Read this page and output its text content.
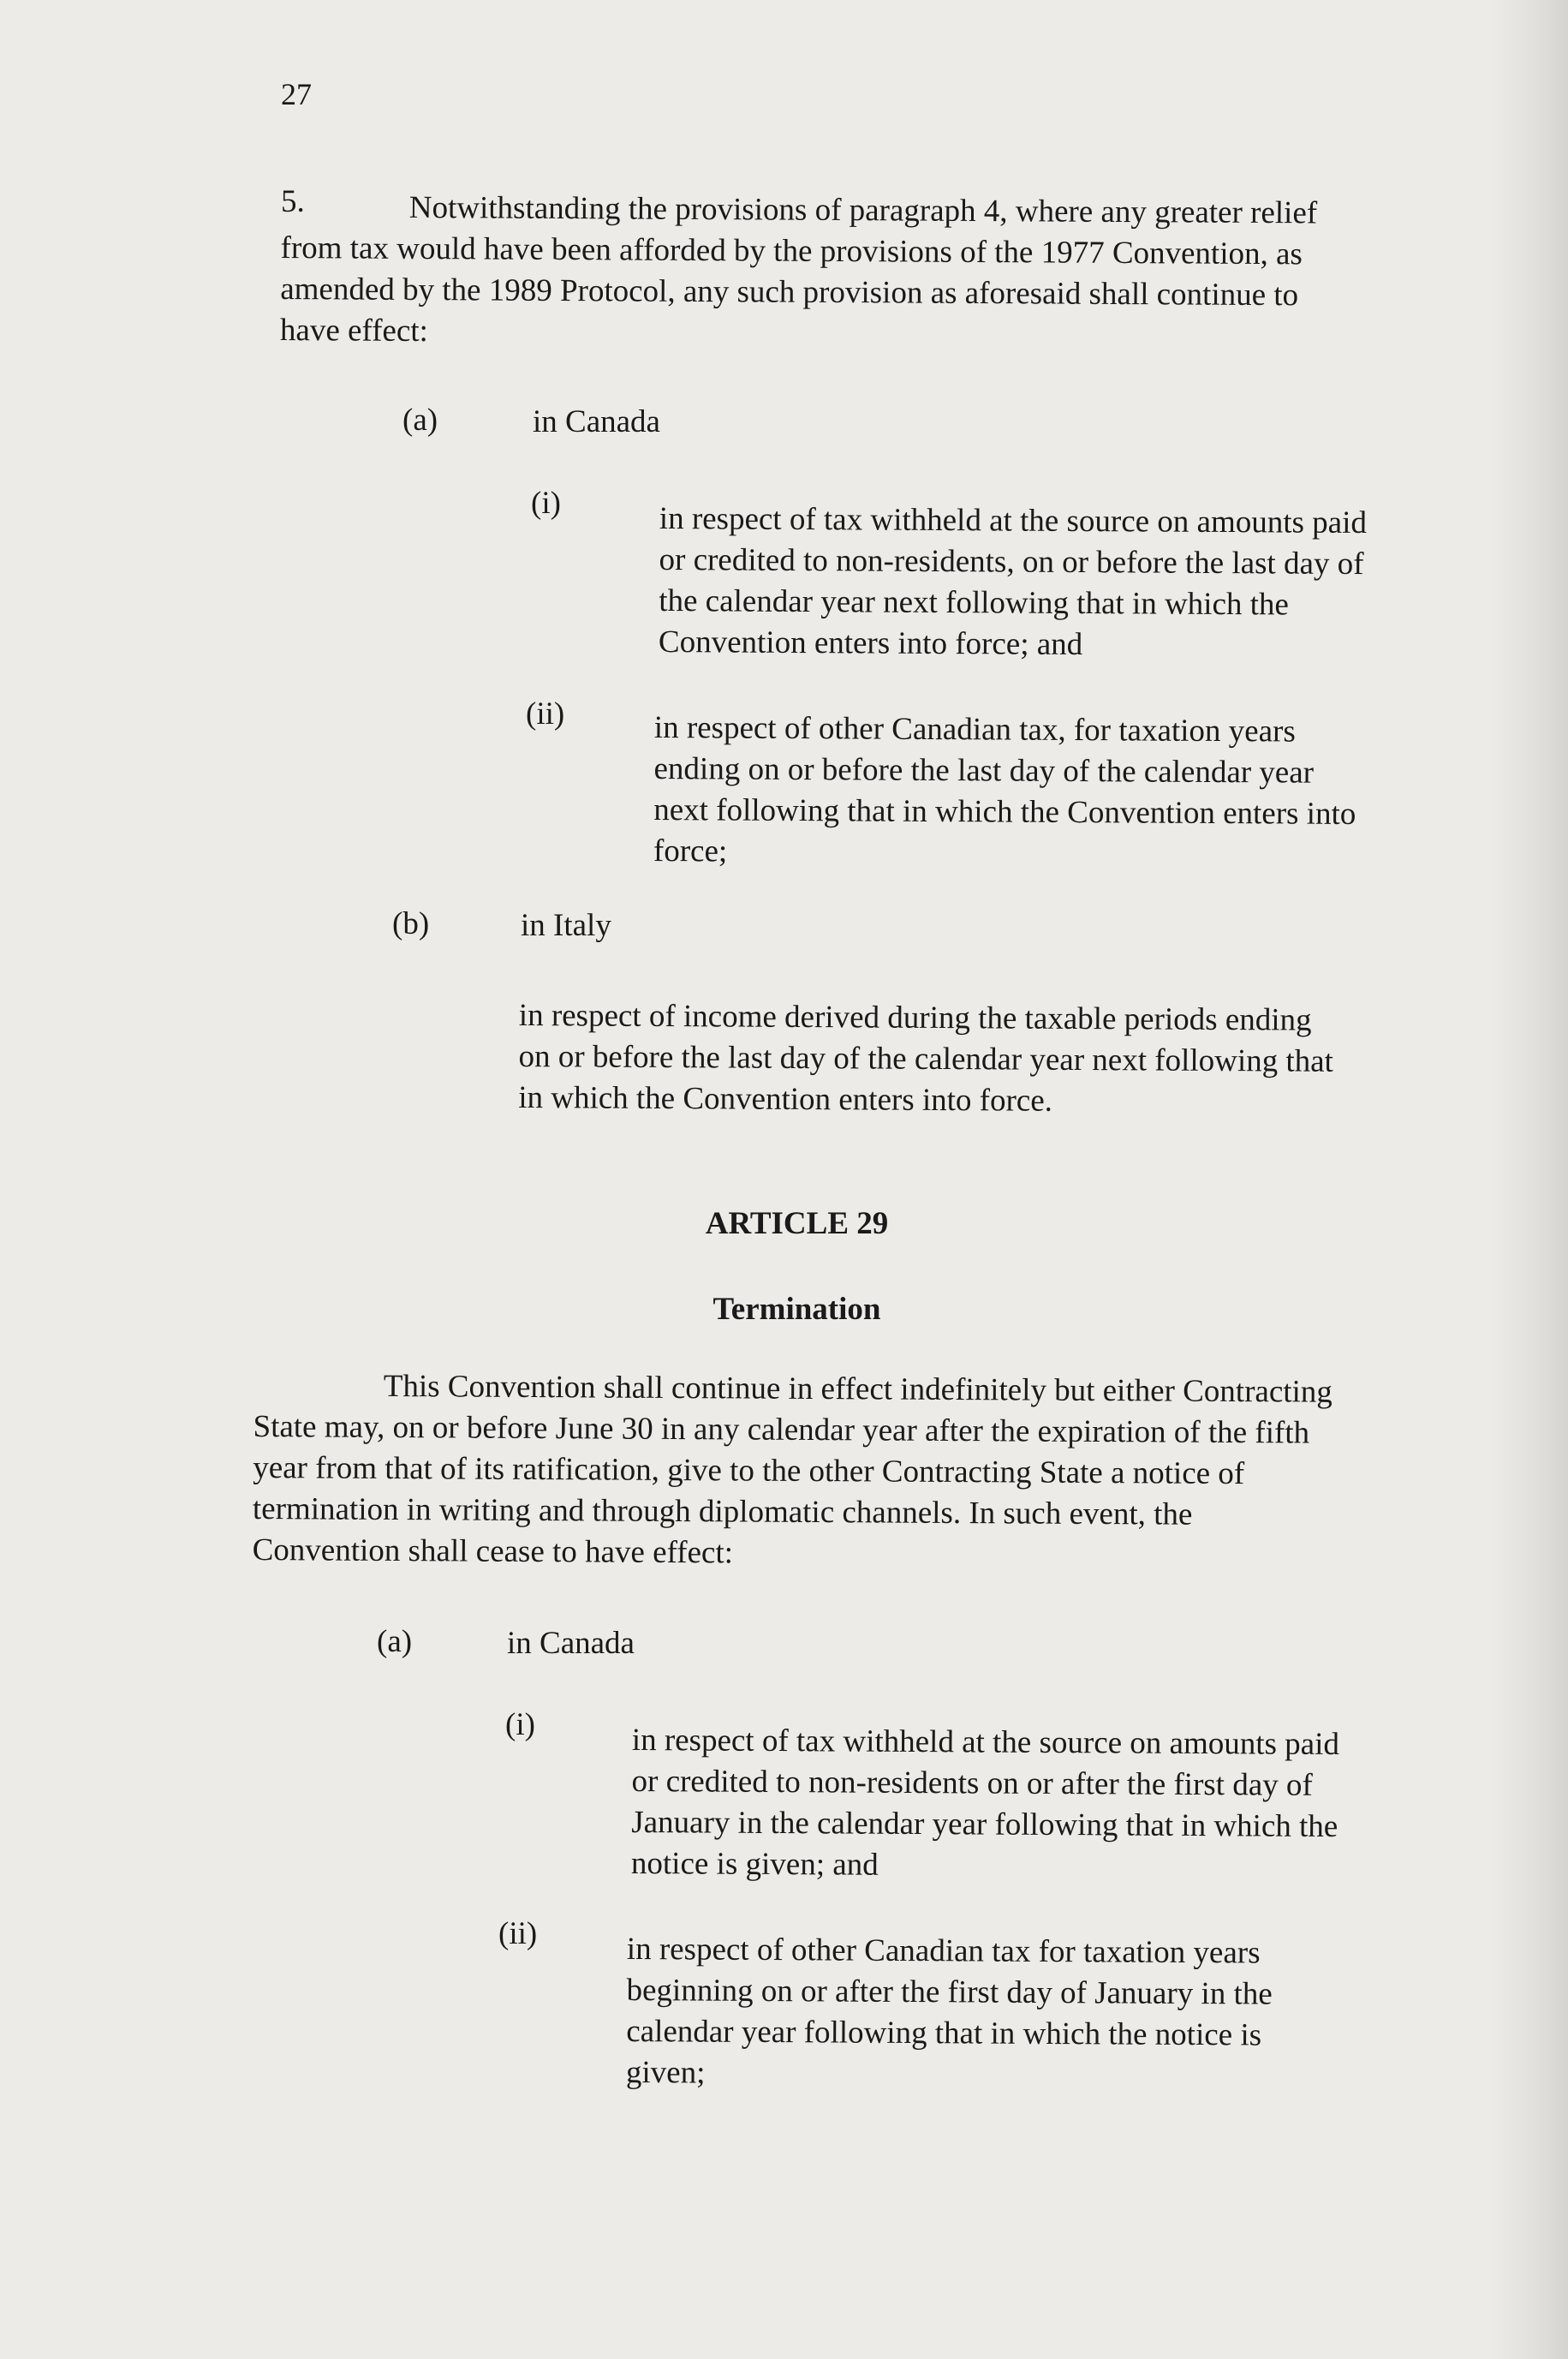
27
5.	Notwithstanding the provisions of paragraph 4, where any greater relief
from tax would have been afforded by the provisions of the 1977 Convention, as
amended by the 1989 Protocol, any such provision as aforesaid shall continue to
have effect:
(a)	in Canada
(i)	in respect of tax withheld at the source on amounts paid
or credited to non-residents, on or before the last day of
the calendar year next following that in which the
Convention enters into force; and
(ii)	in respect of other Canadian tax, for taxation years
ending on or before the last day of the calendar year
next following that in which the Convention enters into
force;
(b)	in Italy
in respect of income derived during the taxable periods ending
on or before the last day of the calendar year next following that
in which the Convention enters into force.
ARTICLE 29
Termination
This Convention shall continue in effect indefinitely but either Contracting
State may, on or before June 30 in any calendar year after the expiration of the fifth
year from that of its ratification, give to the other Contracting State a notice of
termination in writing and through diplomatic channels. In such event, the
Convention shall cease to have effect:
(a)	in Canada
(i)	in respect of tax withheld at the source on amounts paid
or credited to non-residents on or after the first day of
January in the calendar year following that in which the
notice is given; and
(ii)	in respect of other Canadian tax for taxation years
beginning on or after the first day of January in the
calendar year following that in which the notice is
given;
